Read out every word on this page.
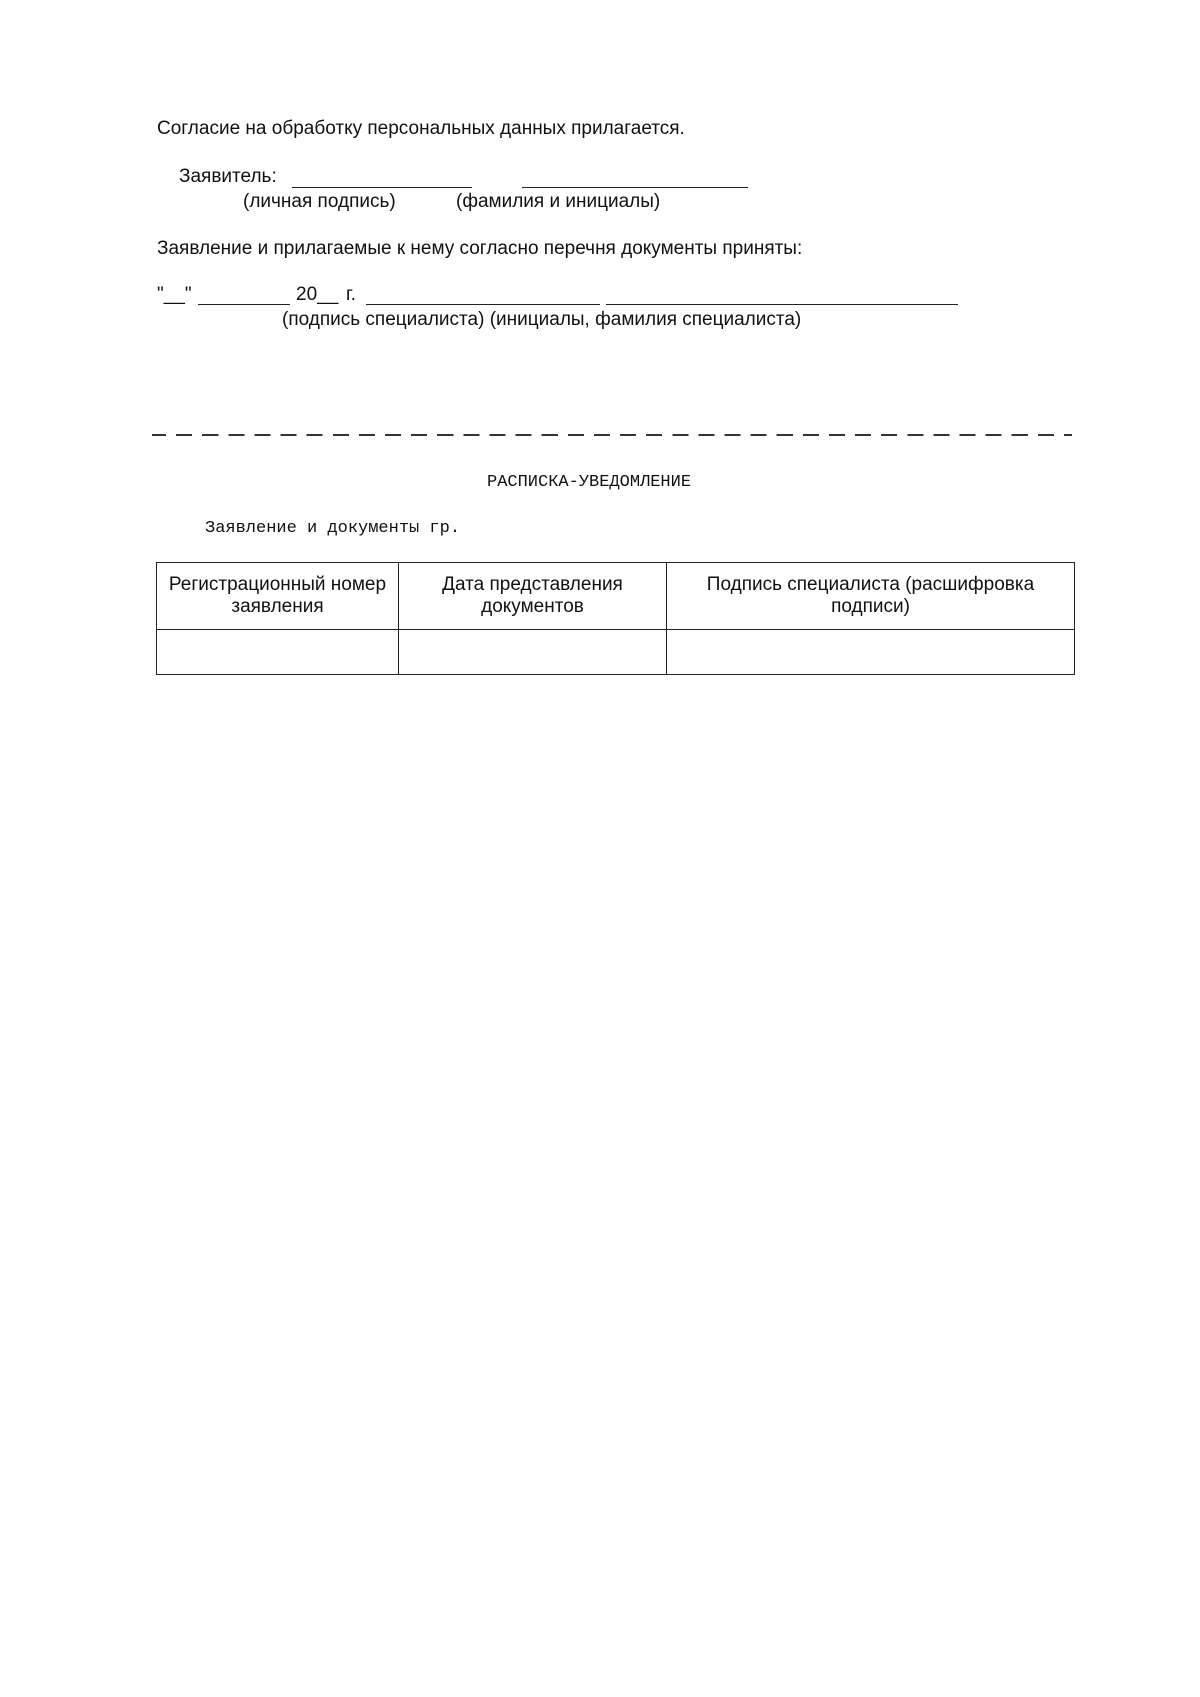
Согласие на обработку персональных данных прилагается.
Заявитель:
(личная подпись)	(фамилия и инициалы)
Заявление и прилагаемые к нему согласно перечня документы приняты:
"__"	20__ г.
(подпись специалиста) (инициалы, фамилия специалиста)
РАСПИСКА-УВЕДОМЛЕНИЕ
Заявление и документы гр.
Регистрационный номер заявления	Дата представления документов	Подпись специалиста (расшифровка подписи)
